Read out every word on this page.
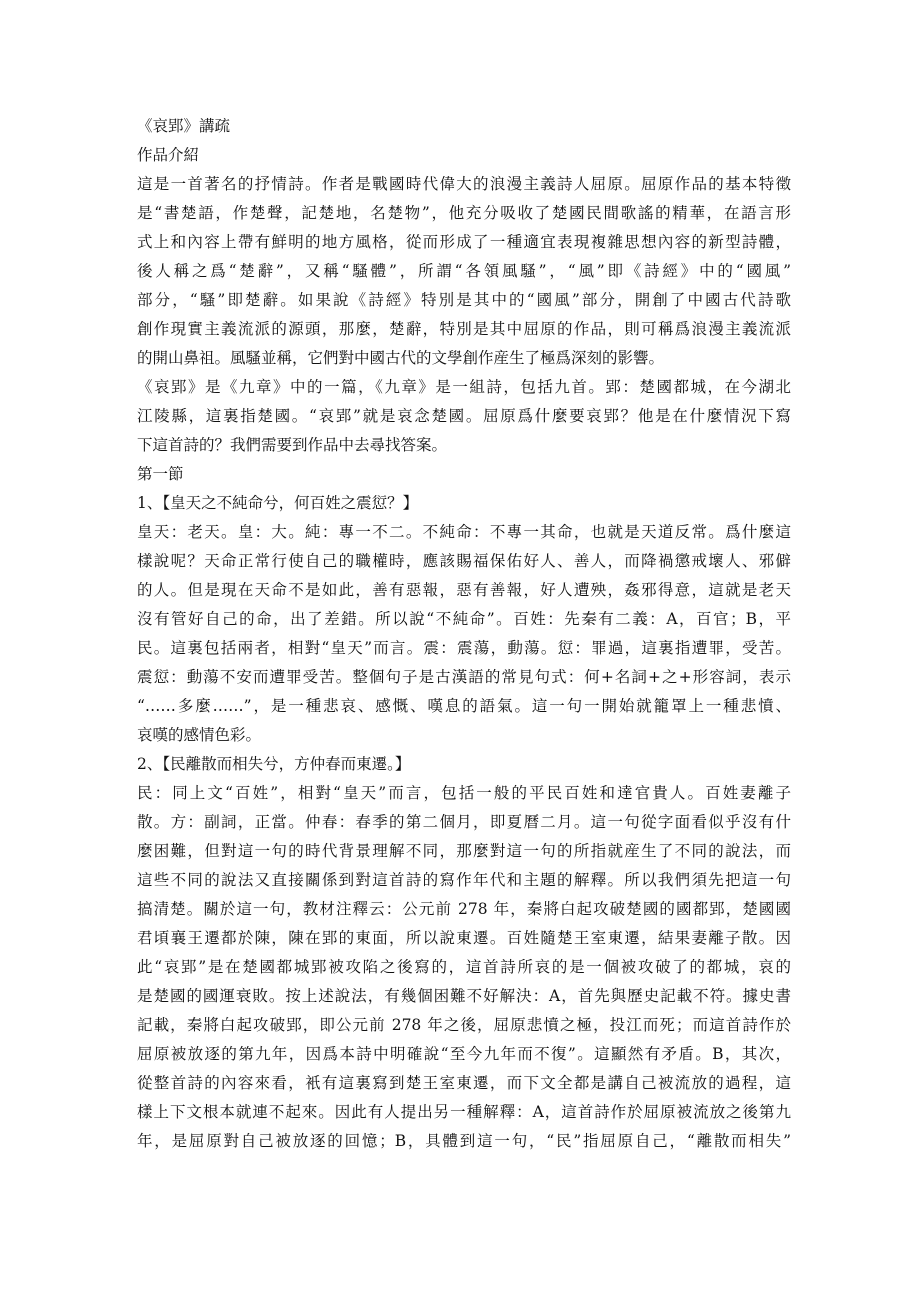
《哀郢》講疏
作品介紹
這是一首著名的抒情詩。作者是戰國時代偉大的浪漫主義詩人屈原。屈原作品的基本特徵
是“書楚語，作楚聲，記楚地，名楚物”，他充分吸收了楚國民間歌謠的精華，在語言形
式上和內容上帶有鮮明的地方風格，從而形成了一種適宜表現複雜思想內容的新型詩體，
後人稱之爲“楚辭”，又稱“騷體”，所謂“各領風騷”，“風”即《詩經》中的“國風”
部分，“騷”即楚辭。如果說《詩經》特別是其中的“國風”部分，開創了中國古代詩歌
創作現實主義流派的源頭，那麼，楚辭，特別是其中屈原的作品，則可稱爲浪漫主義流派
的開山鼻祖。風騷並稱，它們對中國古代的文學創作産生了極爲深刻的影響。
《哀郢》是《九章》中的一篇，《九章》是一組詩，包括九首。郢：楚國都城，在今湖北
江陵縣，這裏指楚國。“哀郢”就是哀念楚國。屈原爲什麼要哀郢？他是在什麼情況下寫
下這首詩的？我們需要到作品中去尋找答案。
第一節
1、【皇天之不純命兮，何百姓之震愆？】
皇天：老天。皇：大。純：專一不二。不純命：不專一其命，也就是天道反常。爲什麼這
樣說呢？天命正常行使自己的職權時，應該賜福保佑好人、善人，而降禍懲戒壞人、邪僻
的人。但是現在天命不是如此，善有惡報，惡有善報，好人遭殃，姦邪得意，這就是老天
沒有管好自己的命，出了差錯。所以說“不純命”。百姓：先秦有二義：A，百官；B，平
民。這裏包括兩者，相對“皇天”而言。震：震蕩，動蕩。愆：罪過，這裏指遭罪，受苦。
震愆：動蕩不安而遭罪受苦。整個句子是古漢語的常見句式：何+名詞+之+形容詞，表示
“……多麼……”，是一種悲哀、感慨、嘆息的語氣。這一句一開始就籠罩上一種悲憤、
哀嘆的感情色彩。
2、【民離散而相失兮，方仲春而東遷。】
民：同上文“百姓”，相對“皇天”而言，包括一般的平民百姓和達官貴人。百姓妻離子
散。方：副詞，正當。仲春：春季的第二個月，即夏曆二月。這一句從字面看似乎沒有什
麼困難，但對這一句的時代背景理解不同，那麼對這一句的所指就産生了不同的說法，而
這些不同的說法又直接關係到對這首詩的寫作年代和主題的解釋。所以我們須先把這一句
搞清楚。關於這一句，教材注釋云：公元前 278 年，秦將白起攻破楚國的國都郢，楚國國
君頃襄王遷都於陳，陳在郢的東面，所以說東遷。百姓隨楚王室東遷，結果妻離子散。因
此“哀郢”是在楚國都城郢被攻陷之後寫的，這首詩所哀的是一個被攻破了的都城，哀的
是楚國的國運衰敗。按上述說法，有幾個困難不好解決：A，首先與歷史記載不符。據史書
記載，秦將白起攻破郢，即公元前 278 年之後，屈原悲憤之極，投江而死；而這首詩作於
屈原被放逐的第九年，因爲本詩中明確說“至今九年而不復”。這顯然有矛盾。B，其次，
從整首詩的內容來看，衹有這裏寫到楚王室東遷，而下文全都是講自己被流放的過程，這
樣上下文根本就連不起來。因此有人提出另一種解釋：A，這首詩作於屈原被流放之後第九
年，是屈原對自己被放逐的回憶；B，具體到這一句，“民”指屈原自己，“離散而相失”
